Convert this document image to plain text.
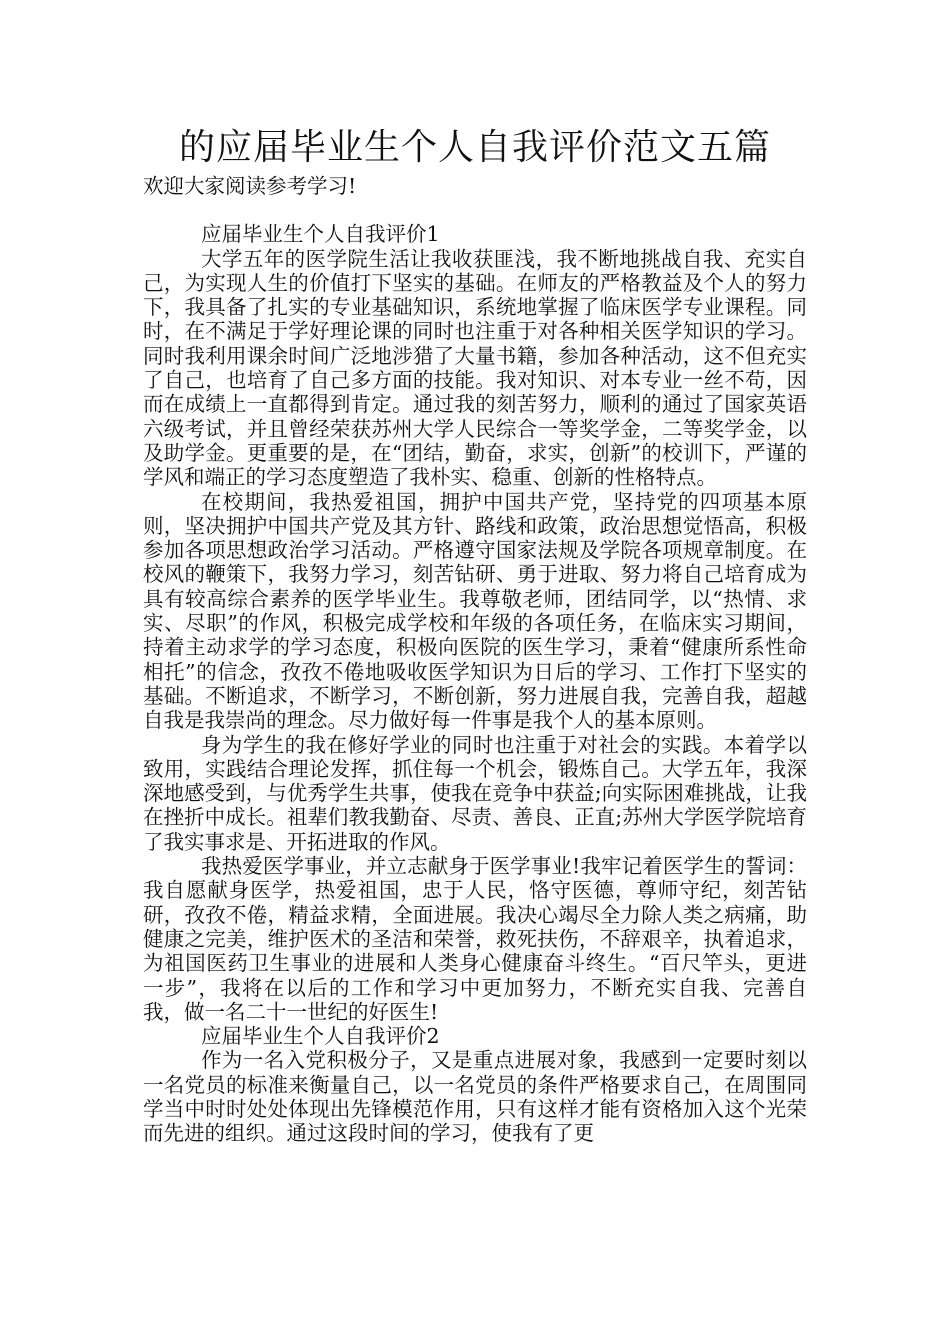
的应届毕业生个人自我评价范文五篇

欢迎大家阅读参考学习!

应届毕业生个人自我评价1

大学五年的医学院生活让我收获匪浅，我不断地挑战自我、充实自己，为实现人生的价值打下坚实的基础。在师友的严格教益及个人的努力下，我具备了扎实的专业基础知识，系统地掌握了临床医学专业课程。同时，在不满足于学好理论课的同时也注重于对各种相关医学知识的学习。同时我利用课余时间广泛地涉猎了大量书籍，参加各种活动，这不但充实了自己，也培育了自己多方面的技能。我对知识、对本专业一丝不苟，因而在成绩上一直都得到肯定。通过我的刻苦努力，顺利的通过了国家英语六级考试，并且曾经荣获苏州大学人民综合一等奖学金，二等奖学金，以及助学金。更重要的是，在“团结，勤奋，求实，创新”的校训下，严谨的学风和端正的学习态度塑造了我朴实、稳重、创新的性格特点。

在校期间，我热爱祖国，拥护中国共产党，坚持党的四项基本原则，坚决拥护中国共产党及其方针、路线和政策，政治思想觉悟高，积极参加各项思想政治学习活动。严格遵守国家法规及学院各项规章制度。在校风的鞭策下，我努力学习，刻苦钻研、勇于进取、努力将自己培育成为具有较高综合素养的医学毕业生。我尊敬老师，团结同学，以“热情、求实、尽职”的作风，积极完成学校和年级的各项任务，在临床实习期间，持着主动求学的学习态度，积极向医院的医生学习，秉着“健康所系性命相托”的信念，孜孜不倦地吸收医学知识为日后的学习、工作打下坚实的基础。不断追求，不断学习，不断创新，努力进展自我，完善自我，超越自我是我崇尚的理念。尽力做好每一件事是我个人的基本原则。

身为学生的我在修好学业的同时也注重于对社会的实践。本着学以致用，实践结合理论发挥，抓住每一个机会，锻炼自己。大学五年，我深深地感受到，与优秀学生共事，使我在竞争中获益;向实际困难挑战，让我在挫折中成长。祖辈们教我勤奋、尽责、善良、正直;苏州大学医学院培育了我实事求是、开拓进取的作风。

我热爱医学事业，并立志献身于医学事业!我牢记着医学生的誓词：我自愿献身医学，热爱祖国，忠于人民，恪守医德，尊师守纪，刻苦钻研，孜孜不倦，精益求精，全面进展。我决心竭尽全力除人类之病痛，助健康之完美，维护医术的圣洁和荣誉，救死扶伤，不辞艰辛，执着追求，为祖国医药卫生事业的进展和人类身心健康奋斗终生。“百尺竿头，更进一步”，我将在以后的工作和学习中更加努力，不断充实自我、完善自我，做一名二十一世纪的好医生!

应届毕业生个人自我评价2

作为一名入党积极分子，又是重点进展对象，我感到一定要时刻以一名党员的标准来衡量自己，以一名党员的条件严格要求自己，在周围同学当中时时处处体现出先锋模范作用，只有这样才能有资格加入这个光荣而先进的组织。通过这段时间的学习，使我有了更
